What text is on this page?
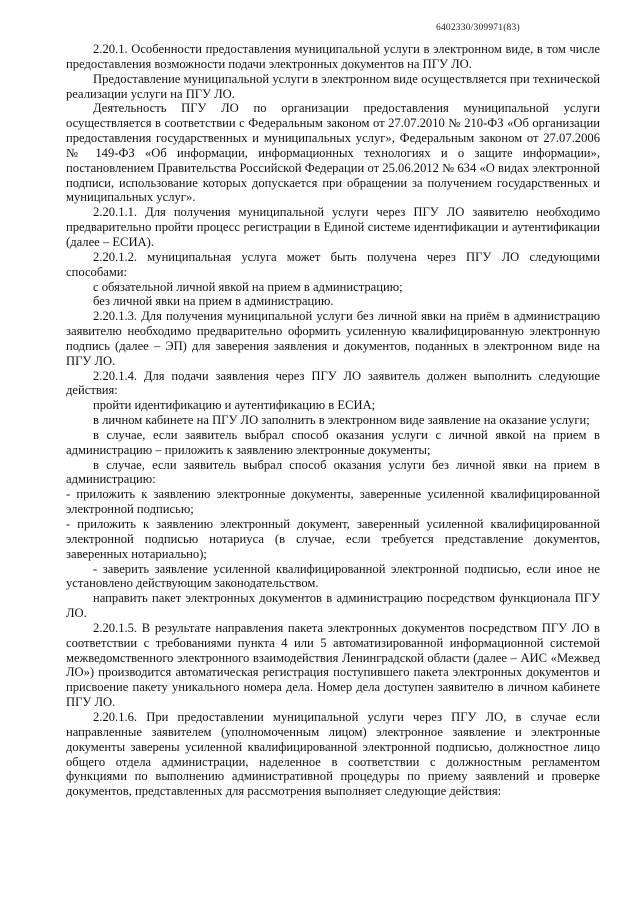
6402330/309971(83)

2.20.1. Особенности предоставления муниципальной услуги в электронном виде, в том числе предоставления возможности подачи электронных документов на ПГУ ЛО.

Предоставление муниципальной услуги в электронном виде осуществляется при технической реализации услуги на ПГУ ЛО.

Деятельность ПГУ ЛО по организации предоставления муниципальной услуги осуществляется в соответствии с Федеральным законом от 27.07.2010 № 210-ФЗ «Об организации предоставления государственных и муниципальных услуг», Федеральным законом от 27.07.2006 № 149-ФЗ «Об информации, информационных технологиях и о защите информации», постановлением Правительства Российской Федерации от 25.06.2012 № 634 «О видах электронной подписи, использование которых допускается при обращении за получением государственных и муниципальных услуг».

2.20.1.1. Для получения муниципальной услуги через ПГУ ЛО заявителю необходимо предварительно пройти процесс регистрации в Единой системе идентификации и аутентификации (далее – ЕСИА).

2.20.1.2. муниципальная услуга может быть получена через ПГУ ЛО следующими способами:

с обязательной личной явкой на прием в администрацию;

без личной явки на прием в администрацию.

2.20.1.3. Для получения муниципальной услуги без личной явки на приём в администрацию заявителю необходимо предварительно оформить усиленную квалифицированную электронную подпись (далее – ЭП) для заверения заявления и документов, поданных в электронном виде на ПГУ ЛО.

2.20.1.4. Для подачи заявления через ПГУ ЛО заявитель должен выполнить следующие действия:

пройти идентификацию и аутентификацию в ЕСИА;

в личном кабинете на ПГУ ЛО заполнить в электронном виде заявление на оказание услуги;

в случае, если заявитель выбрал способ оказания услуги с личной явкой на прием в администрацию – приложить к заявлению электронные документы;

в случае, если заявитель выбрал способ оказания услуги без личной явки на прием в администрацию:

- приложить к заявлению электронные документы, заверенные усиленной квалифицированной электронной подписью;

- приложить к заявлению электронный документ, заверенный усиленной квалифицированной электронной подписью нотариуса (в случае, если требуется представление документов, заверенных нотариально);

- заверить заявление усиленной квалифицированной электронной подписью, если иное не установлено действующим законодательством.

направить пакет электронных документов в администрацию посредством функционала ПГУ ЛО.

2.20.1.5. В результате направления пакета электронных документов посредством ПГУ ЛО в соответствии с требованиями пункта 4 или 5 автоматизированной информационной системой межведомственного электронного взаимодействия Ленинградской области (далее – АИС «Межвед ЛО») производится автоматическая регистрация поступившего пакета электронных документов и присвоение пакету уникального номера дела. Номер дела доступен заявителю в личном кабинете ПГУ ЛО.

2.20.1.6. При предоставлении муниципальной услуги через ПГУ ЛО, в случае если направленные заявителем (уполномоченным лицом) электронное заявление и электронные документы заверены усиленной квалифицированной электронной подписью, должностное лицо общего отдела администрации, наделенное в соответствии с должностным регламентом функциями по выполнению административной процедуры по приему заявлений и проверке документов, представленных для рассмотрения выполняет следующие действия:
